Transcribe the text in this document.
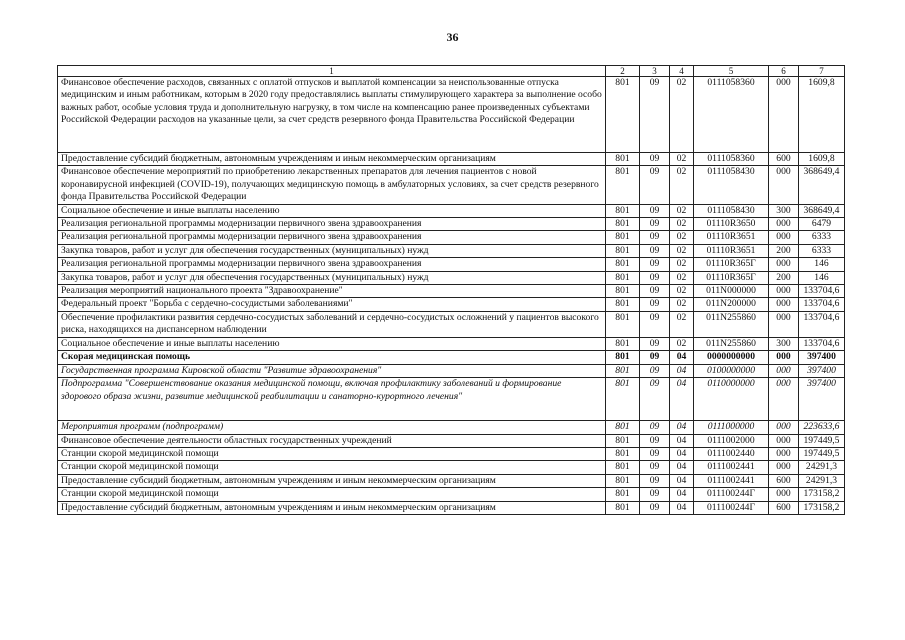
36
1	2	3	4	5	6	7
Финансовое обеспечение расходов, связанных с оплатой отпусков и выплатой компенсации за неиспользованные отпуска медицинским и иным работникам, которым в 2020 году предоставлялись выплаты стимулирующего характера за выполнение особо важных работ, особые условия труда и дополнительную нагрузку, в том числе на компенсацию ранее произведенных субъектами Российской Федерации расходов на указанные цели, за счет средств резервного фонда Правительства Российской Федерации	801	09	02	0111058360	000	1609,8
Предоставление субсидий бюджетным, автономным учреждениям и иным некоммерческим организациям	801	09	02	0111058360	600	1609,8
Финансовое обеспечение мероприятий по приобретению лекарственных препаратов для лечения пациентов с новой коронавирусной инфекцией (COVID-19), получающих медицинскую помощь в амбулаторных условиях, за счет средств резервного фонда Правительства Российской Федерации	801	09	02	0111058430	000	368649,4
Социальное обеспечение и иные выплаты населению	801	09	02	0111058430	300	368649,4
Реализация региональной программы модернизации первичного звена здравоохранения	801	09	02	01110R3650	000	6479
Реализация региональной программы модернизации первичного звена здравоохранения	801	09	02	01110R3651	000	6333
Закупка товаров, работ и услуг для обеспечения государственных (муниципальных) нужд	801	09	02	01110R3651	200	6333
Реализация региональной программы модернизации первичного звена здравоохранения	801	09	02	01110R365Г	000	146
Закупка товаров, работ и услуг для обеспечения государственных (муниципальных) нужд	801	09	02	01110R365Г	200	146
Реализация мероприятий национального проекта "Здравоохранение"	801	09	02	011N000000	000	133704,6
Федеральный проект "Борьба с сердечно-сосудистыми заболеваниями"	801	09	02	011N200000	000	133704,6
Обеспечение профилактики развития сердечно-сосудистых заболеваний и сердечно-сосудистых осложнений у пациентов высокого риска, находящихся на диспансерном наблюдении	801	09	02	011N255860	000	133704,6
Социальное обеспечение и иные выплаты населению	801	09	02	011N255860	300	133704,6
Скорая медицинская помощь	801	09	04	0000000000	000	397400
Государственная программа Кировской области "Развитие здравоохранения"	801	09	04	0100000000	000	397400
Подпрограмма "Совершенствование оказания медицинской помощи, включая профилактику заболеваний и формирование здорового образа жизни, развитие медицинской реабилитации и санаторно-курортного лечения"	801	09	04	0110000000	000	397400
Мероприятия программ (подпрограмм)	801	09	04	0111000000	000	223633,6
Финансовое обеспечение деятельности областных государственных учреждений	801	09	04	0111002000	000	197449,5
Станции скорой медицинской помощи	801	09	04	0111002440	000	197449,5
Станции скорой медицинской помощи	801	09	04	0111002441	000	24291,3
Предоставление субсидий бюджетным, автономным учреждениям и иным некоммерческим организациям	801	09	04	0111002441	600	24291,3
Станции скорой медицинской помощи	801	09	04	011100244Г	000	173158,2
Предоставление субсидий бюджетным, автономным учреждениям и иным некоммерческим организациям	801	09	04	011100244Г	600	173158,2
